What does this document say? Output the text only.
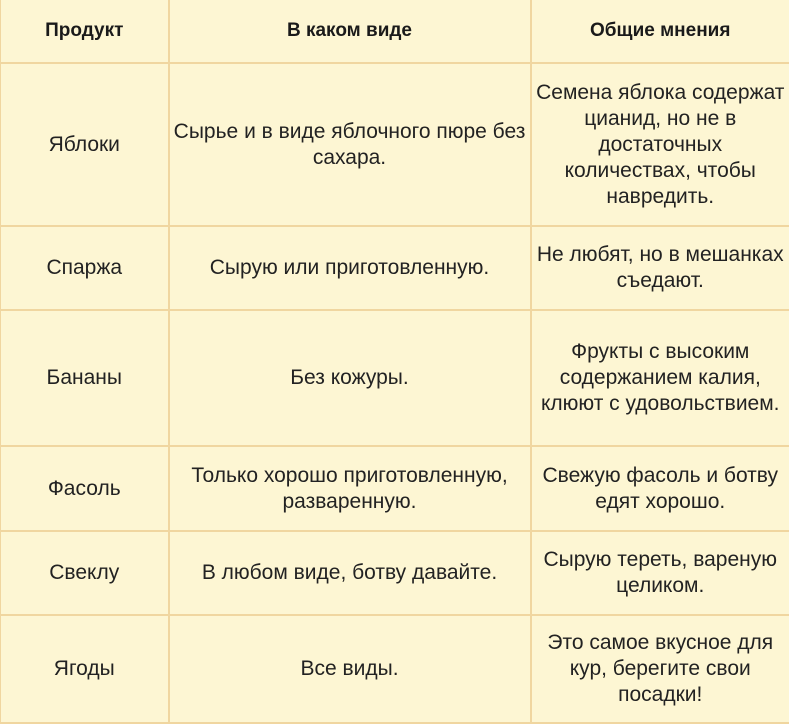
Продукт	В каком виде	Общие мнения
Яблоки	Сырье и в виде яблочного пюре без сахара.	Семена яблока содержат цианид, но не в достаточных количествах, чтобы навредить.
Спаржа	Сырую или приготовленную.	Не любят, но в мешанках съедают.
Бананы	Без кожуры.	Фрукты с высоким содержанием калия, клюют с удовольствием.
Фасоль	Только хорошо приготовленную, разваренную.	Свежую фасоль и ботву едят хорошо.
Свеклу	В любом виде, ботву давайте.	Сырую тереть, вареную целиком.
Ягоды	Все виды.	Это самое вкусное для кур, берегите свои посадки!
